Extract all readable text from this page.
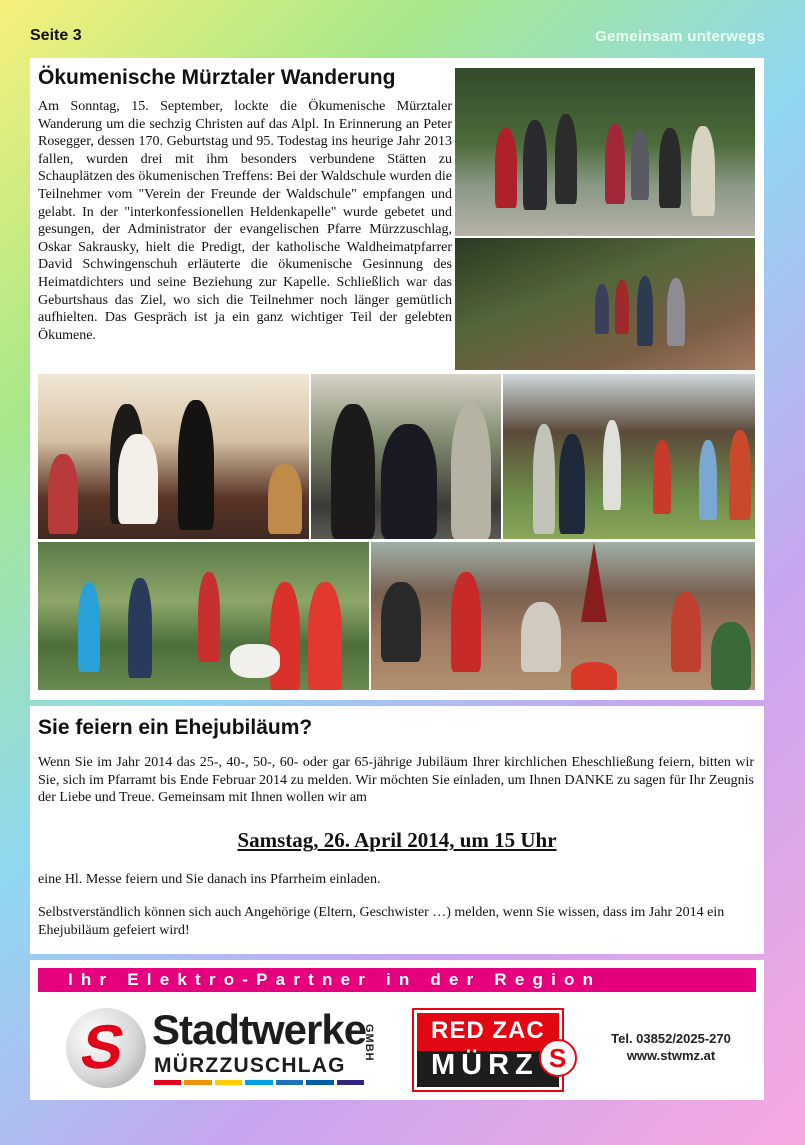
Seite 3	Gemeinsam unterwegs
Ökumenische Mürztaler Wanderung

Am Sonntag, 15. September, lockte die Ökumenische Mürztaler Wanderung um die sechzig Christen auf das Alpl. In Erinnerung an Peter Rosegger, dessen 170. Geburtstag und 95. Todestag ins heurige Jahr 2013 fallen, wurden drei mit ihm besonders verbundene Stätten zu Schauplätzen des ökumenischen Treffens: Bei der Waldschule wurden die Teilnehmer vom "Verein der Freunde der Waldschule" empfangen und gelabt. In der "interkonfessionellen Heldenkapelle" wurde gebetet und gesungen, der Administrator der evangelischen Pfarre Mürzzuschlag, Oskar Sakrausky, hielt die Predigt, der katholische Waldheimatpfarrer David Schwingenschuh erläuterte die ökumenische Gesinnung des Heimatdichters und seine Beziehung zur Kapelle. Schließlich war das Geburtshaus das Ziel, wo sich die Teilnehmer noch länger gemütlich aufhielten. Das Gespräch ist ja ein ganz wichtiger Teil der gelebten Ökumene.

Sie feiern ein Ehejubiläum?

Wenn Sie im Jahr 2014 das 25-, 40-, 50-, 60- oder gar 65-jährige Jubiläum Ihrer kirchlichen Eheschließung feiern, bitten wir Sie, sich im Pfarramt bis Ende Februar 2014 zu melden. Wir möchten Sie einladen, um Ihnen DANKE zu sagen für Ihr Zeugnis der Liebe und Treue. Gemeinsam mit Ihnen wollen wir am

Samstag, 26. April 2014, um 15 Uhr

eine Hl. Messe feiern und Sie danach ins Pfarrheim einladen.

Selbstverständlich können sich auch Angehörige (Eltern, Geschwister …) melden, wenn Sie wissen, dass im Jahr 2014 ein Ehejubiläum gefeiert wird!

Ihr Elektro-Partner in der Region
S Stadtwerke
MÜRZZUSCHLAG
GMBH RED ZAC
MÜRZ S
Tel. 03852/2025-270
www.stwmz.at
